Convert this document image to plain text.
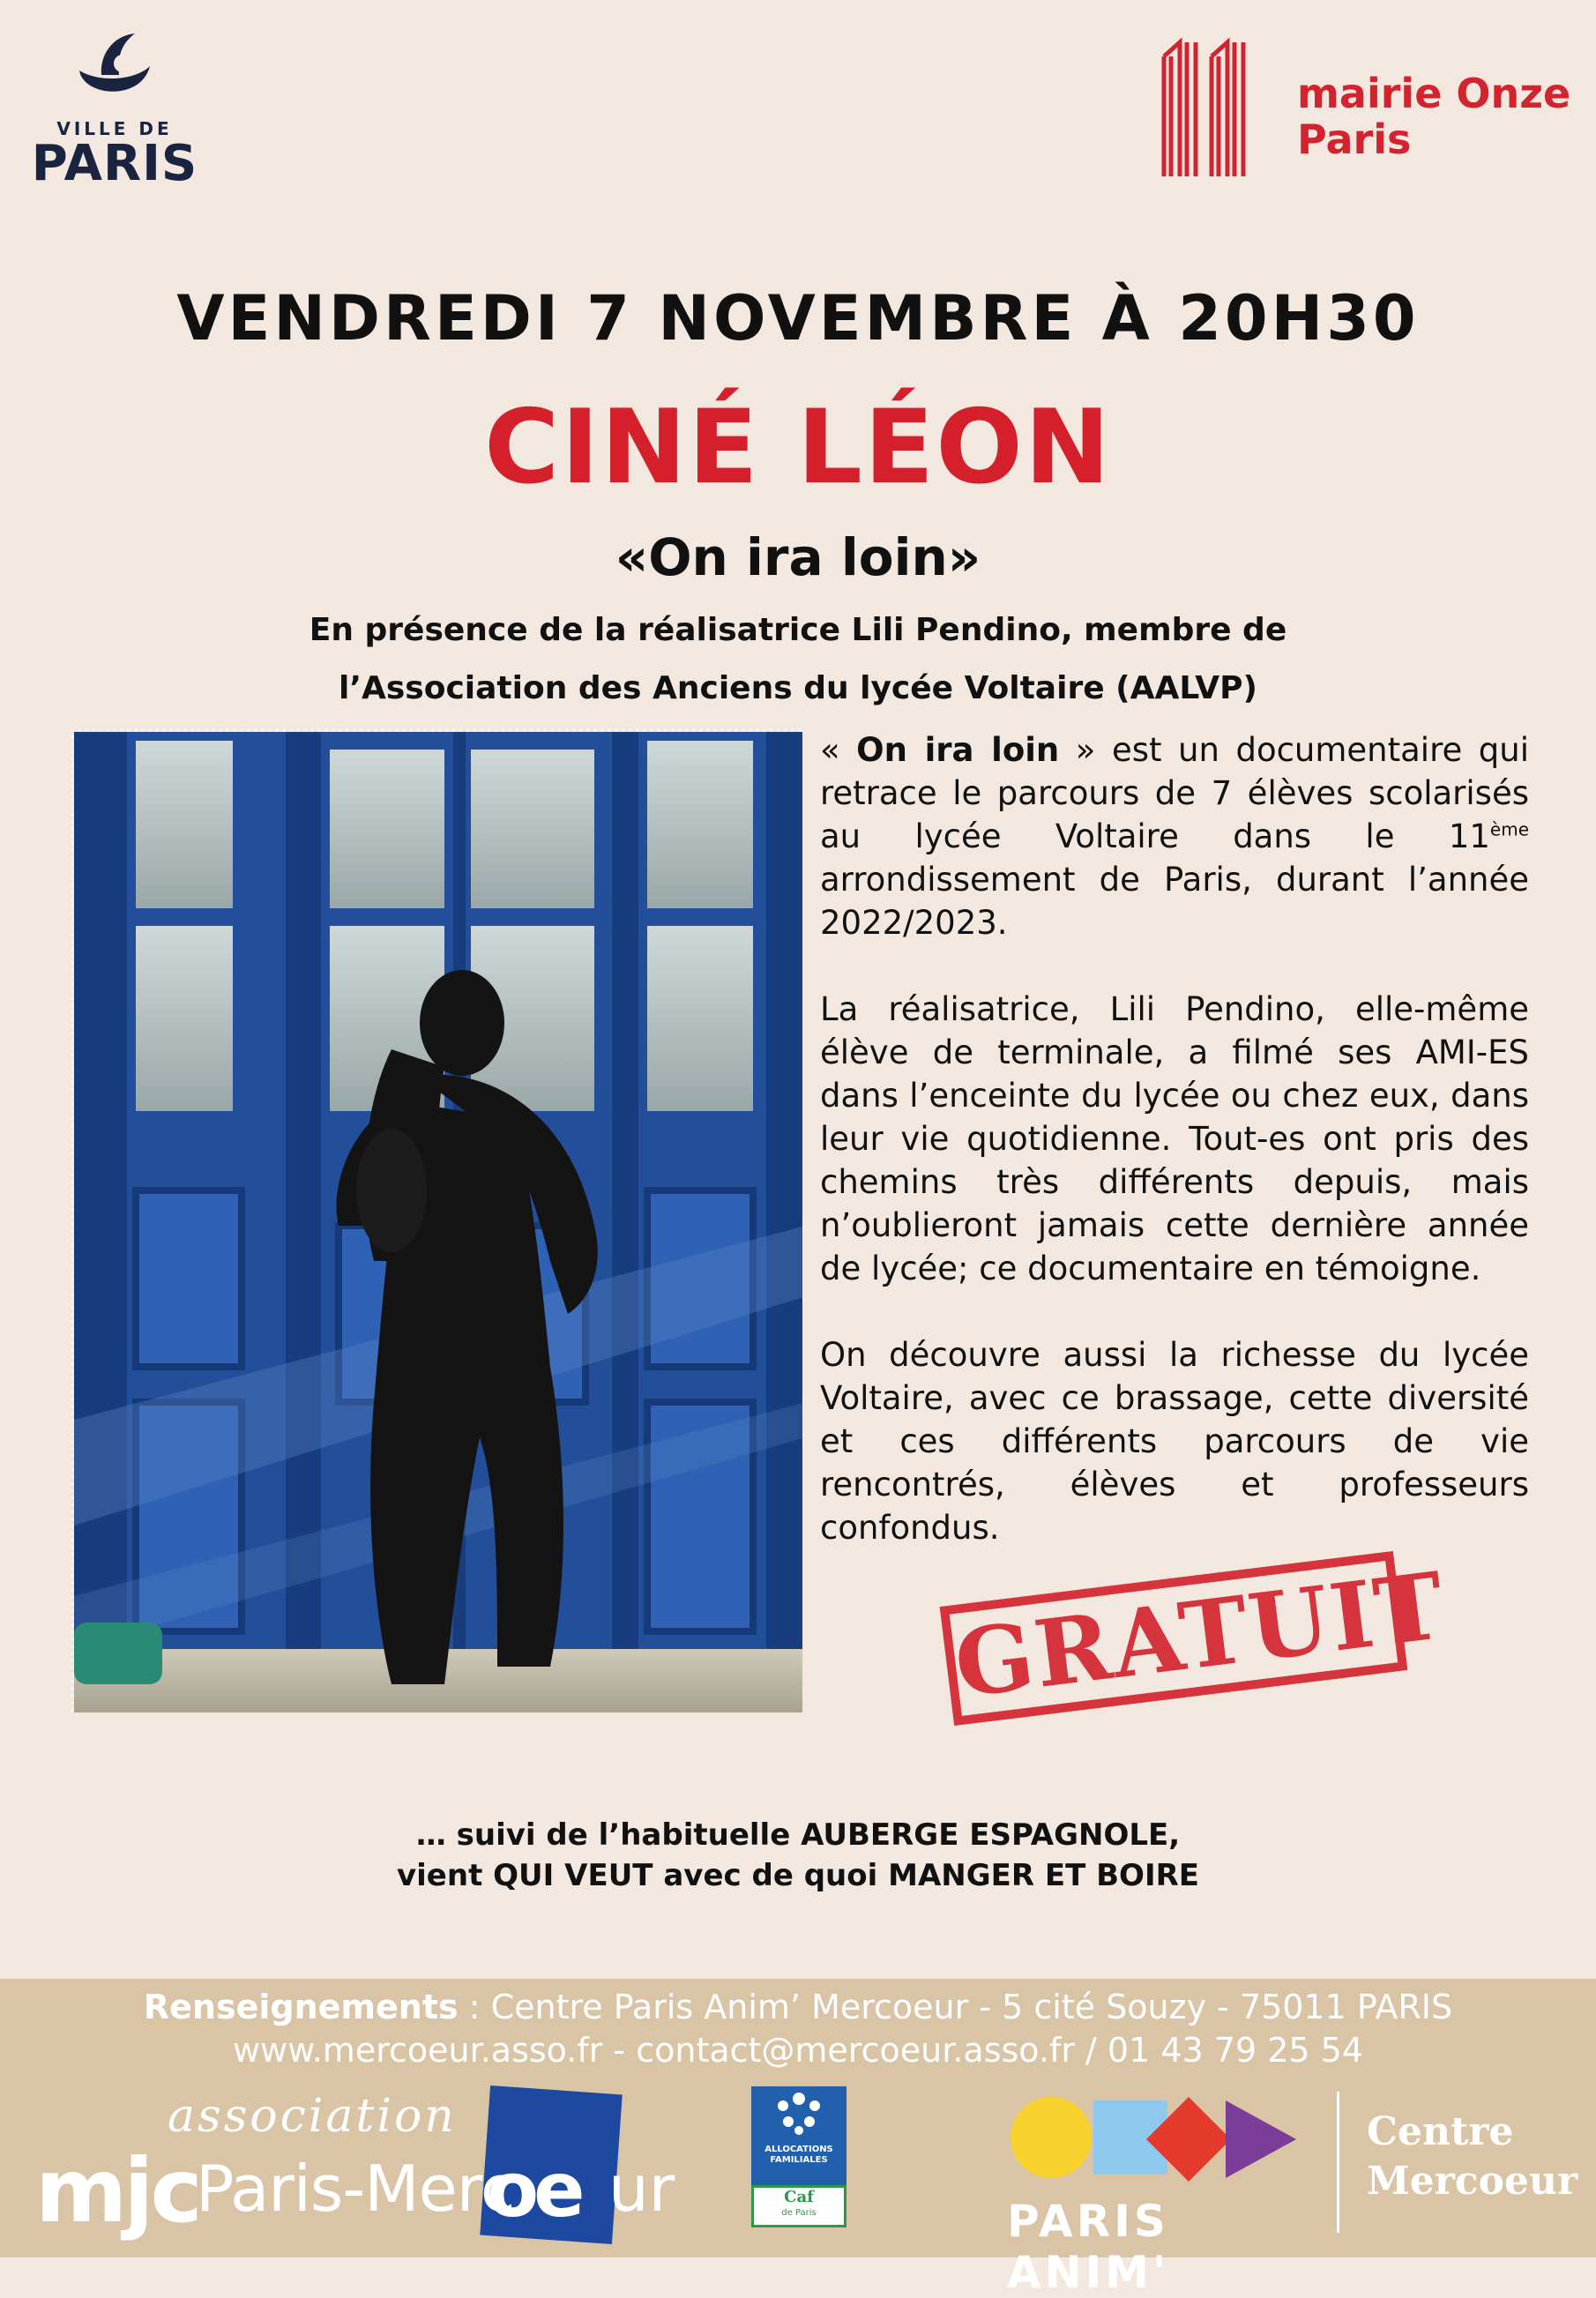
VILLE DE
PARIS
mairie Onze
Paris
VENDREDI 7 NOVEMBRE À 20H30
CINÉ LÉON
«On ira loin»
En présence de la réalisatrice Lili Pendino, membre de
l’Association des Anciens du lycée Voltaire (AALVP)

« On ira loin » est un documentaire qui retrace le parcours de 7 élèves scolarisés au lycée Voltaire dans le 11ème arrondissement de Paris, durant l’année 2022/2023.

La réalisatrice, Lili Pendino, elle-même élève de terminale, a filmé ses AMI-ES dans l’enceinte du lycée ou chez eux, dans leur vie quotidienne. Tout-es ont pris des chemins très différents depuis, mais n’oublieront jamais cette dernière année de lycée; ce documentaire en témoigne.

On découvre aussi la richesse du lycée Voltaire, avec ce brassage, cette diversité et ces différents parcours de vie rencontrés, élèves et professeurs confondus.

GRATUIT
… suivi de l’habituelle AUBERGE ESPAGNOLE,
vient QUI VEUT avec de quoi MANGER ET BOIRE
Renseignements : Centre Paris Anim’ Mercoeur - 5 cité Souzy - 75011 PARIS
www.mercoeur.asso.fr - contact@mercoeur.asso.fr / 01 43 79 25 54
association
mjc
Paris-Merc
oe ur
ALLOCATIONS FAMILIALES
Caf
de Paris	PARIS ANIM'
Centre
Mercoeur
